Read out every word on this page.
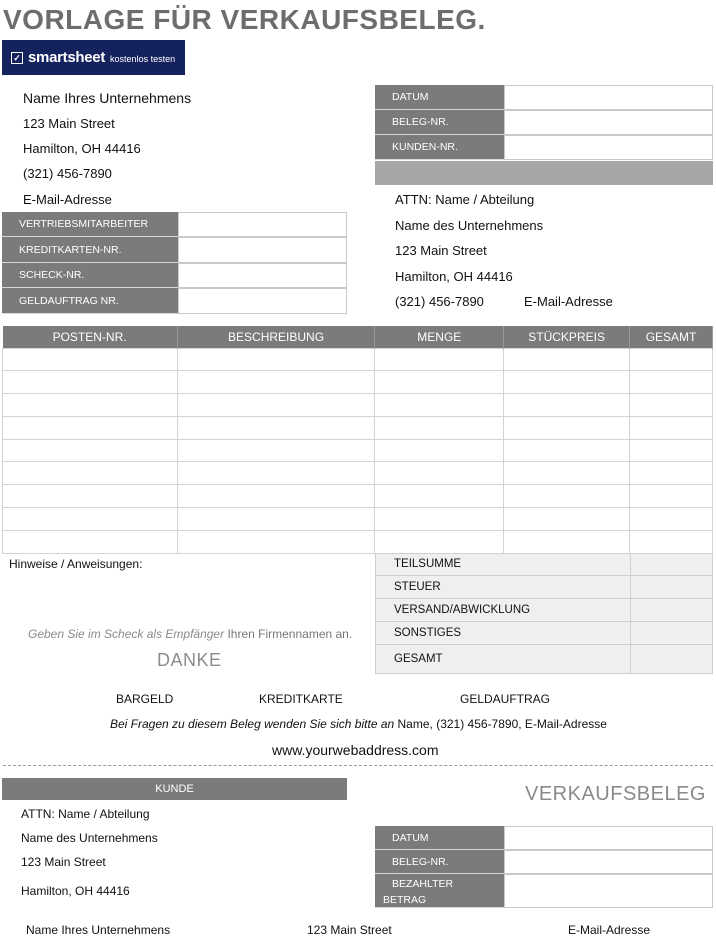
VORLAGE FÜR VERKAUFSBELEG.
✓ smartsheet kostenlos testen
Name Ihres Unternehmens
123 Main Street
Hamilton, OH 44416
(321) 456-7890
E-Mail-Adresse
DATUM
BELEG-NR.
KUNDEN-NR.
VERTRIEBSMITARBEITER
KREDITKARTEN-NR.
SCHECK-NR.
GELDAUFTRAG NR.
ATTN: Name / Abteilung
Name des Unternehmens
123 Main Street
Hamilton, OH 44416
(321) 456-7890	E-Mail-Adresse
POSTEN-NR.	BESCHREIBUNG	MENGE	STÜCKPREIS	GESAMT

Hinweise / Anweisungen:	TEILSUMME
STEUER
VERSAND/ABWICKLUNG
SONSTIGES
GESAMT
Geben Sie im Scheck als Empfänger Ihren Firmennamen an.
DANKE
BARGELD	KREDITKARTE	GELDAUFTRAG
Bei Fragen zu diesem Beleg wenden Sie sich bitte an Name, (321) 456-7890, E-Mail-Adresse
www.yourwebaddress.com
KUNDE	VERKAUFSBELEG
ATTN: Name / Abteilung
Name des Unternehmens
123 Main Street
Hamilton, OH 44416
DATUM
BELEG-NR.
BEZAHLTER
BETRAG
Name Ihres Unternehmens	123 Main Street	E-Mail-Adresse
